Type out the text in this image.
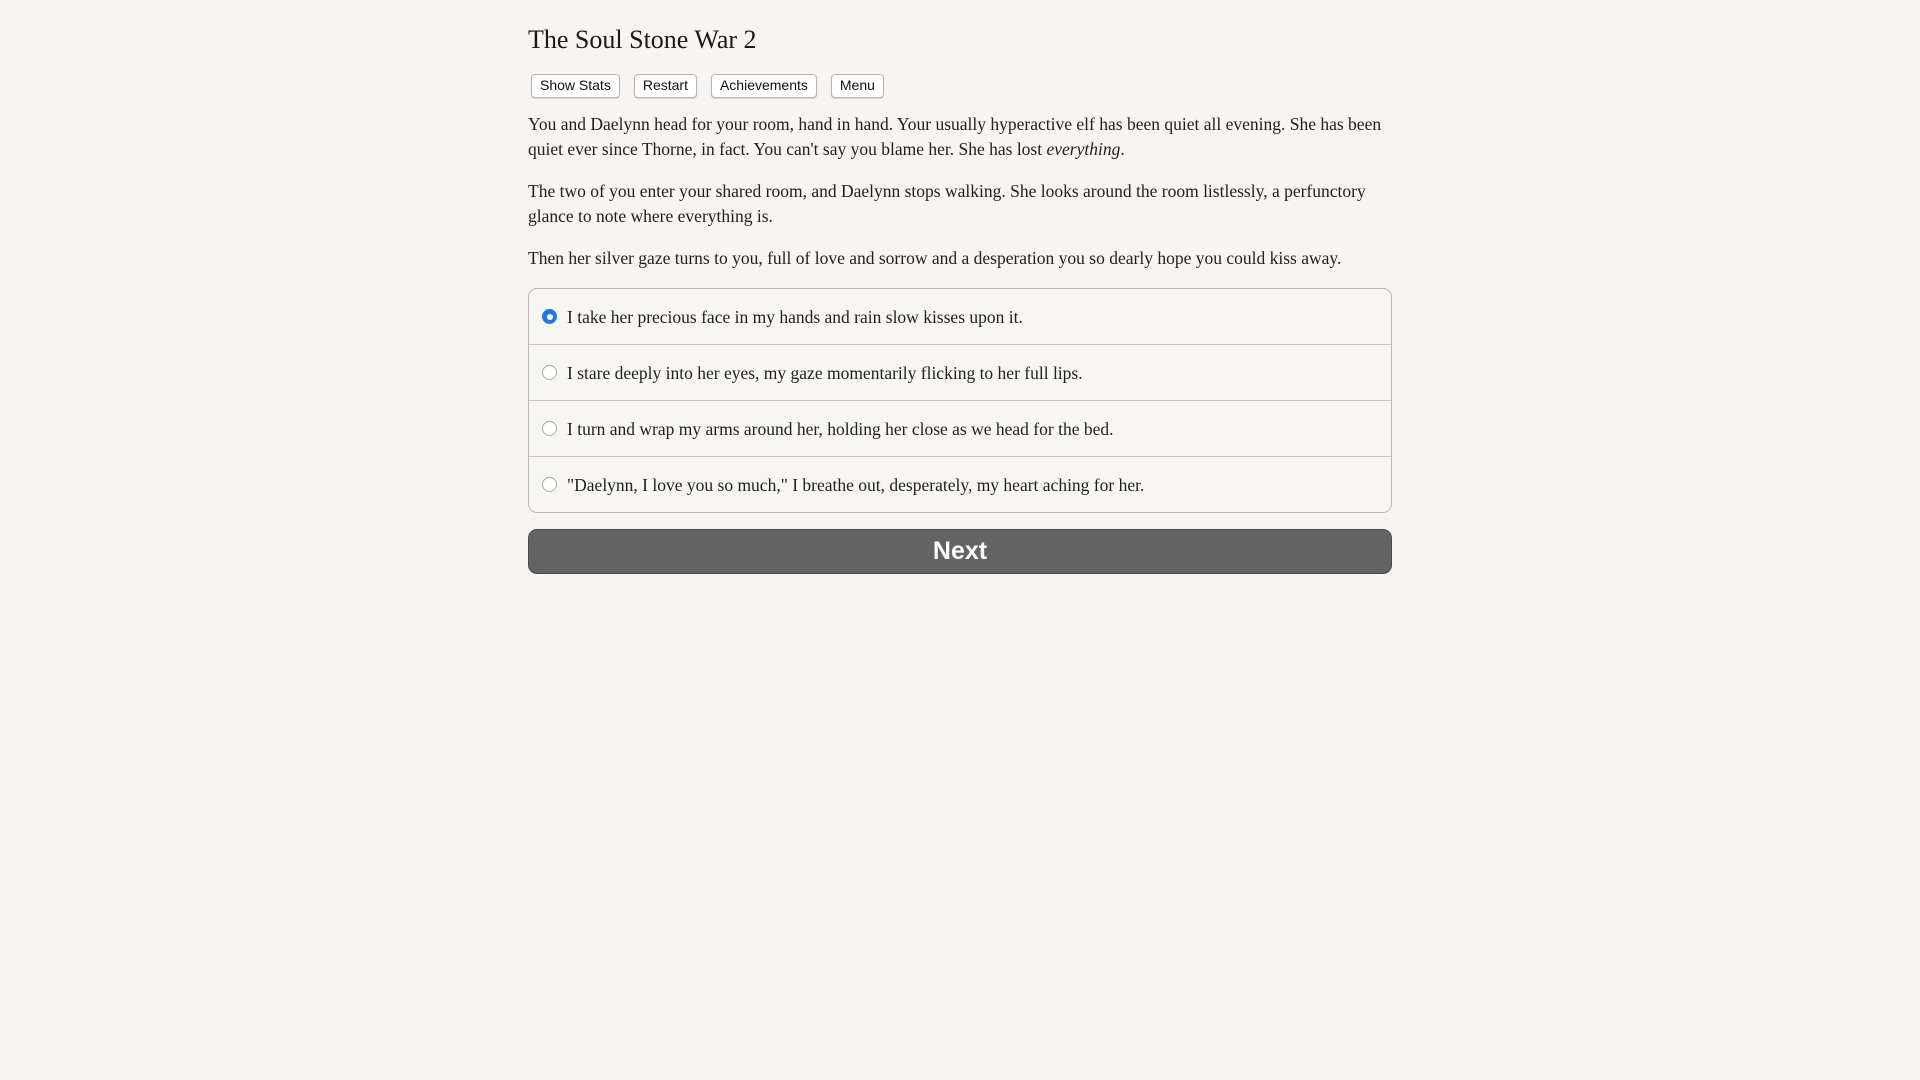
The Soul Stone War 2
Show Stats	Restart	Achievements	Menu

You and Daelynn head for your room, hand in hand. Your usually hyperactive elf has been quiet all evening. She has been quiet ever since Thorne, in fact. You can't say you blame her. She has lost everything.

The two of you enter your shared room, and Daelynn stops walking. She looks around the room listlessly, a perfunctory glance to note where everything is.

Then her silver gaze turns to you, full of love and sorrow and a desperation you so dearly hope you could kiss away.

I take her precious face in my hands and rain slow kisses upon it.
I stare deeply into her eyes, my gaze momentarily flicking to her full lips.
I turn and wrap my arms around her, holding her close as we head for the bed.
"Daelynn, I love you so much," I breathe out, desperately, my heart aching for her.
Next
